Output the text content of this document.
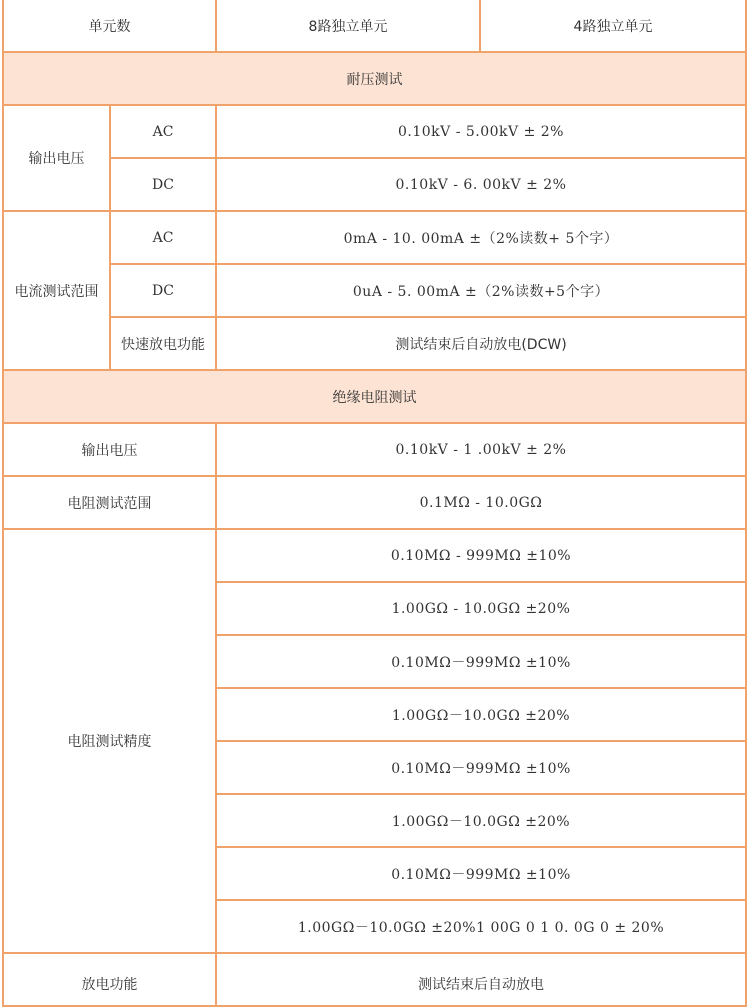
单元数		8路独立单元	4路独立单元
耐压测试			
输出电压	AC	0.10kV - 5.00kV ± 2%	
	DC	0.10kV - 6. 00kV ± 2%	
电流测试范围	AC	0mA - 10. 00mA ±（2%读数+ 5个字）	
	DC	0uA - 5. 00mA ±（2%读数+5个字）	
	快速放电功能	测试结束后自动放电(DCW)	
绝缘电阻测试			
输出电压		0.10kV - 1 .00kV ± 2%	
电阻测试范围		0.1MΩ - 10.0GΩ	
电阻测试精度		0.10MΩ - 999MΩ ±10%	
		1.00GΩ - 10.0GΩ ±20%	
		0.10MΩ－999MΩ ±10%	
		1.00GΩ－10.0GΩ ±20%	
		0.10MΩ－999MΩ ±10%	
		1.00GΩ－10.0GΩ ±20%	
		0.10MΩ－999MΩ ±10%	
		1.00GΩ－10.0GΩ ±20%1 00G 0 1 0. 0G 0 ± 20%	
放电功能		测试结束后自动放电	
